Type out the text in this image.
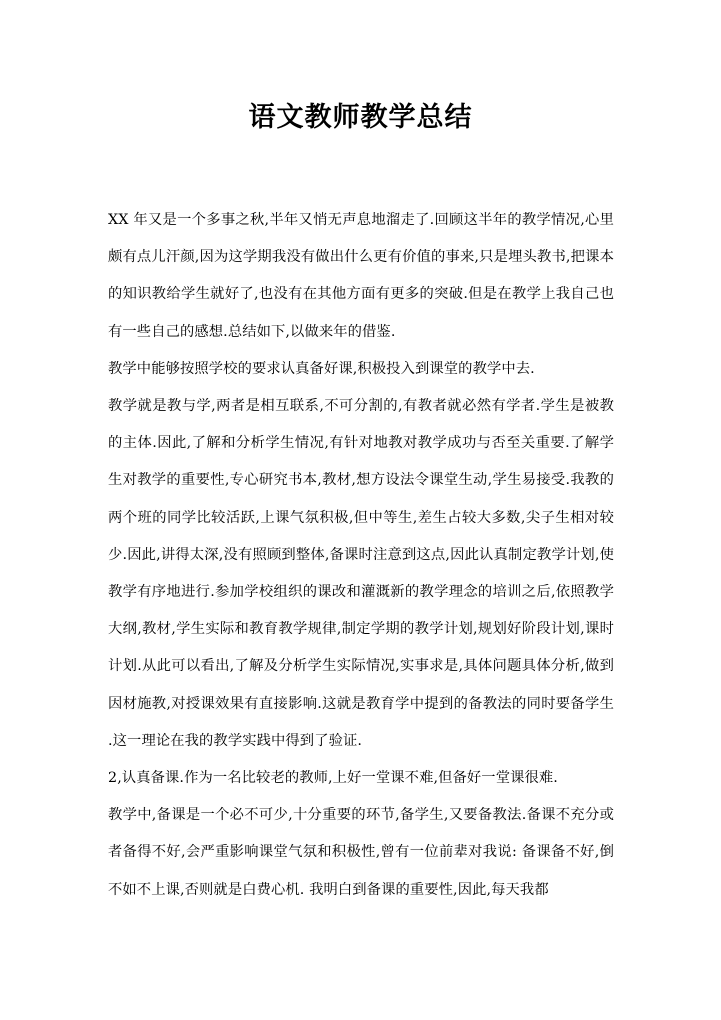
语文教师教学总结

XX 年又是一个多事之秋,半年又悄无声息地溜走了.回顾这半年的教学情况,心里颇有点儿汗颜,因为这学期我没有做出什么更有价值的事来,只是埋头教书,把课本的知识教给学生就好了,也没有在其他方面有更多的突破.但是在教学上我自己也有一些自己的感想.总结如下,以做来年的借鉴.

教学中能够按照学校的要求认真备好课,积极投入到课堂的教学中去.

教学就是教与学,两者是相互联系,不可分割的,有教者就必然有学者.学生是被教的主体.因此,了解和分析学生情况,有针对地教对教学成功与否至关重要.了解学生对教学的重要性,专心研究书本,教材,想方设法令课堂生动,学生易接受.我教的两个班的同学比较活跃,上课气氛积极,但中等生,差生占较大多数,尖子生相对较少.因此,讲得太深,没有照顾到整体,备课时注意到这点,因此认真制定教学计划,使教学有序地进行.参加学校组织的课改和灌溉新的教学理念的培训之后,依照教学大纲,教材,学生实际和教育教学规律,制定学期的教学计划,规划好阶段计划,课时计划.从此可以看出,了解及分析学生实际情况,实事求是,具体问题具体分析,做到因材施教,对授课效果有直接影响.这就是教育学中提到的备教法的同时要备学生 .这一理论在我的教学实践中得到了验证.

2,认真备课.作为一名比较老的教师,上好一堂课不难,但备好一堂课很难.

教学中,备课是一个必不可少,十分重要的环节,备学生,又要备教法.备课不充分或者备得不好,会严重影响课堂气氛和积极性,曾有一位前辈对我说: 备课备不好,倒不如不上课,否则就是白费心机. 我明白到备课的重要性,因此,每天我都
